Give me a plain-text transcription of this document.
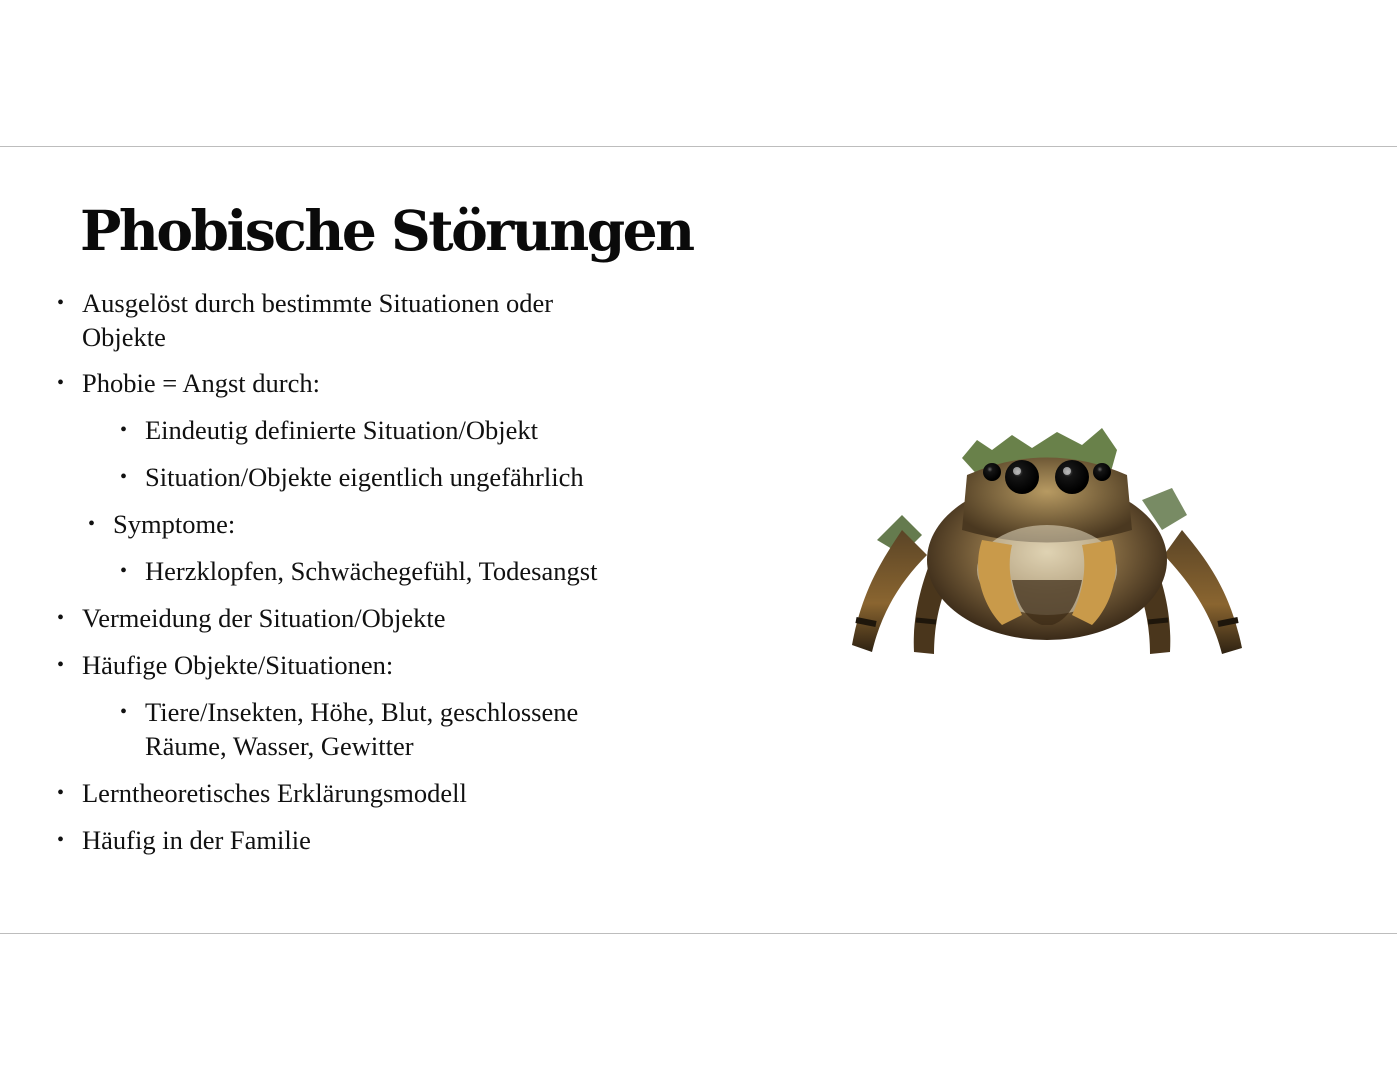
Phobische Störungen
• Ausgelöst durch bestimmte Situationen oder Objekte
• Phobie = Angst durch:
• Eindeutig definierte Situation/Objekt
• Situation/Objekte eigentlich ungefährlich
• Symptome:
• Herzklopfen, Schwächegefühl, Todesangst
• Vermeidung der Situation/Objekte
• Häufige Objekte/Situationen:
• Tiere/Insekten, Höhe, Blut, geschlossene Räume, Wasser, Gewitter
• Lerntheoretisches Erklärungsmodell
• Häufig in der Familie
